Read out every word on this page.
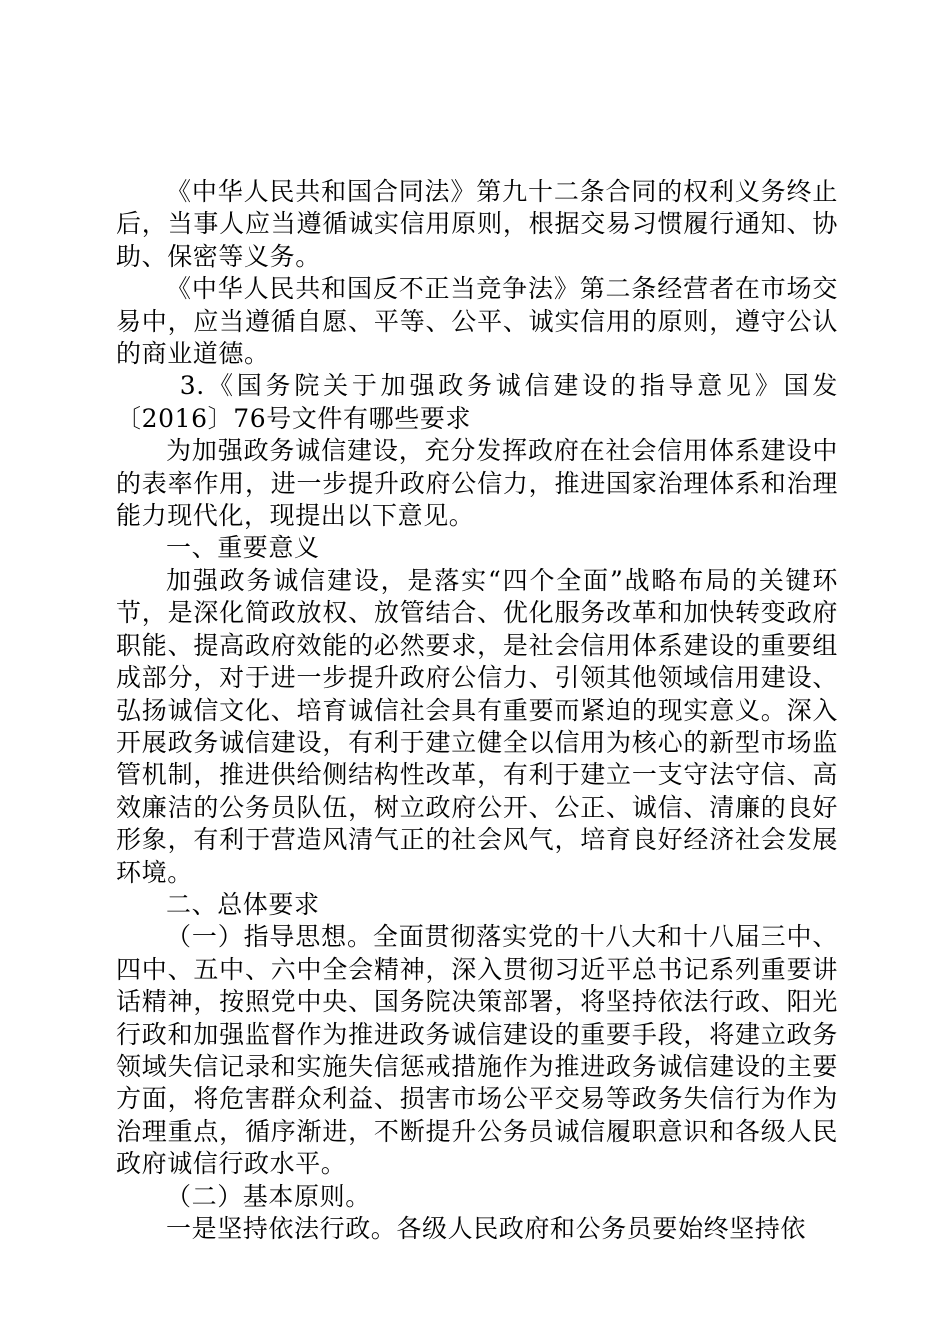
《中华人民共和国合同法》第九十二条合同的权利义务终止后，当事人应当遵循诚实信用原则，根据交易习惯履行通知、协助、保密等义务。

《中华人民共和国反不正当竞争法》第二条经营者在市场交易中，应当遵循自愿、平等、公平、诚实信用的原则，遵守公认的商业道德。

3.《国务院关于加强政务诚信建设的指导意见》国发〔2016〕76号文件有哪些要求

为加强政务诚信建设，充分发挥政府在社会信用体系建设中的表率作用，进一步提升政府公信力，推进国家治理体系和治理能力现代化，现提出以下意见。

一、重要意义

加强政务诚信建设，是落实“四个全面”战略布局的关键环节，是深化简政放权、放管结合、优化服务改革和加快转变政府职能、提高政府效能的必然要求，是社会信用体系建设的重要组成部分，对于进一步提升政府公信力、引领其他领域信用建设、弘扬诚信文化、培育诚信社会具有重要而紧迫的现实意义。深入开展政务诚信建设，有利于建立健全以信用为核心的新型市场监管机制，推进供给侧结构性改革，有利于建立一支守法守信、高效廉洁的公务员队伍，树立政府公开、公正、诚信、清廉的良好形象，有利于营造风清气正的社会风气，培育良好经济社会发展环境。

二、总体要求

（一）指导思想。全面贯彻落实党的十八大和十八届三中、四中、五中、六中全会精神，深入贯彻习近平总书记系列重要讲话精神，按照党中央、国务院决策部署，将坚持依法行政、阳光行政和加强监督作为推进政务诚信建设的重要手段，将建立政务领域失信记录和实施失信惩戒措施作为推进政务诚信建设的主要方面，将危害群众利益、损害市场公平交易等政务失信行为作为治理重点，循序渐进，不断提升公务员诚信履职意识和各级人民政府诚信行政水平。

（二）基本原则。

一是坚持依法行政。各级人民政府和公务员要始终坚持依
